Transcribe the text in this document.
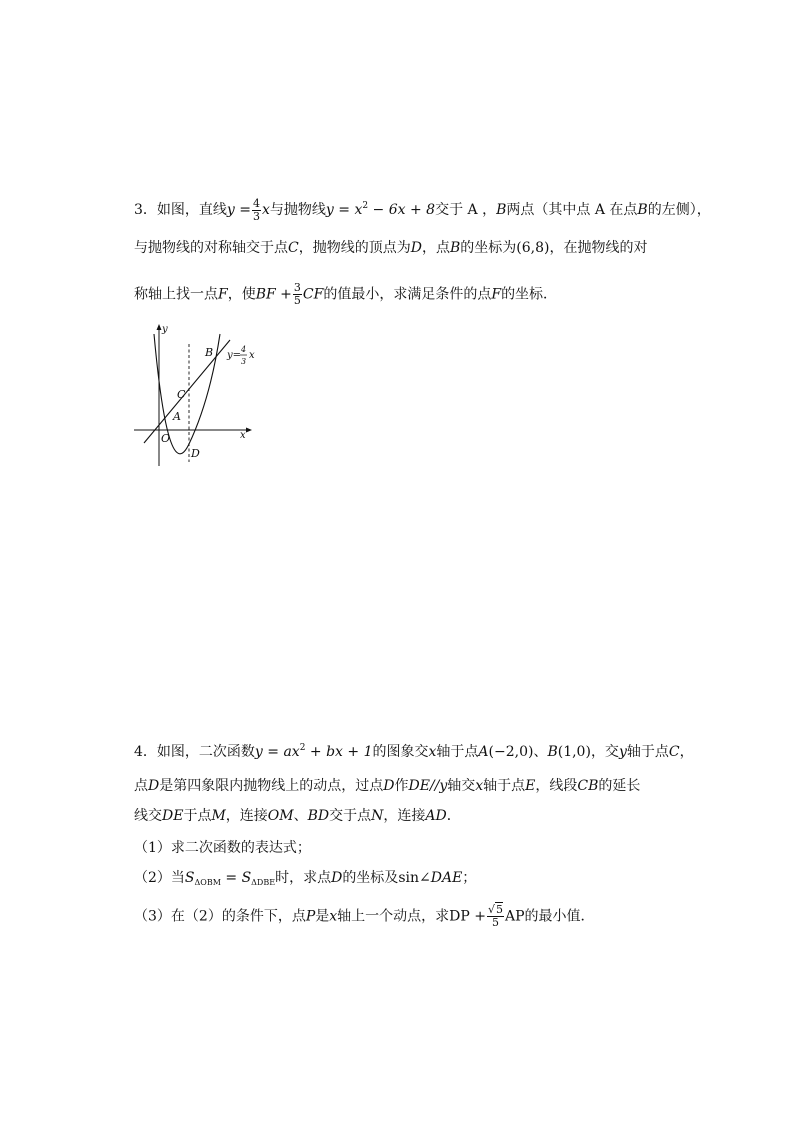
3．如图，直线$y = \frac{4}{3}$ x与抛物线$y = x^2 - 6x + 8$交于 A ，B两点（其中点 A 在点B的左侧），
与抛物线的对称轴交于点C，抛物线的顶点为D，点B的坐标为(6,8)，在抛物线的对
称轴上找一点F，使BF + $\frac{3}{5}$ CF的值最小，求满足条件的点F的坐标．
y
x
O
A
B
C
D
y=
4
3
x
4．如图，二次函数$y = ax^2$ + bx + 1的图象交x轴于点A(−2,0)、B(1,0)，交y轴于点C，
点D是第四象限内抛物线上的动点，过点D作DE//y轴交x轴于点E，线段CB的延长
线交DE于点M，连接OM、BD交于点N，连接AD．
（1）求二次函数的表达式；
（2）当$S_{\Delta OBM} = S_{\Delta DBE}$时，求点D的坐标及sin∠DAE；
（3）在（2）的条件下，点P是x轴上一个动点，求DP + $\frac{√5}{5}$ AP的最小值．
